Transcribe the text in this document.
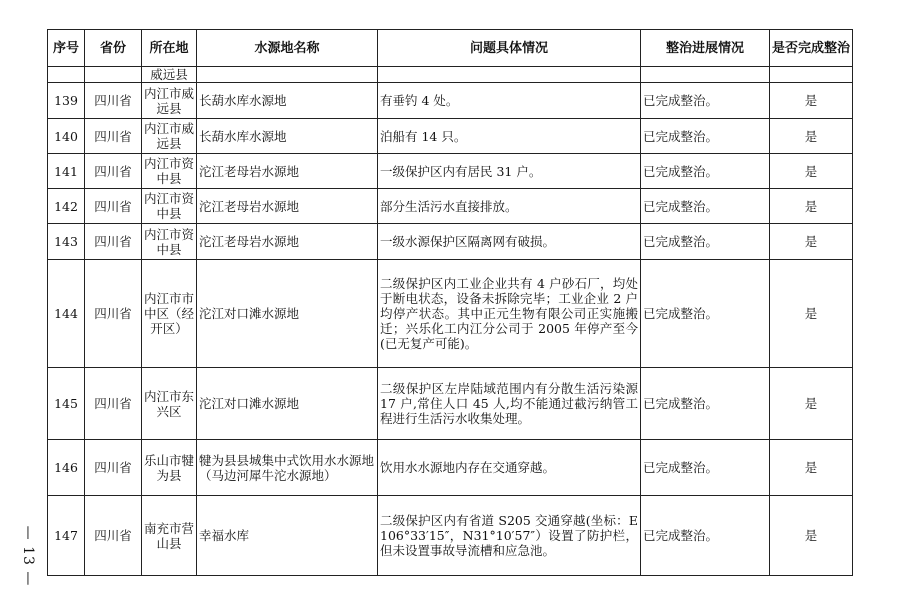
序号	省份	所在地	水源地名称	问题具体情况	整治进展情况	是否完成整治
		威远县				
139	四川省	内江市威远县	长葫水库水源地	有垂钓 4 处。	已完成整治。	是
140	四川省	内江市威远县	长葫水库水源地	泊船有 14 只。	已完成整治。	是
141	四川省	内江市资中县	沱江老母岩水源地	一级保护区内有居民 31 户。	已完成整治。	是
142	四川省	内江市资中县	沱江老母岩水源地	部分生活污水直接排放。	已完成整治。	是
143	四川省	内江市资中县	沱江老母岩水源地	一级水源保护区隔离网有破损。	已完成整治。	是
144	四川省	内江市市中区（经开区）	沱江对口滩水源地	二级保护区内工业企业共有 4 户砂石厂，均处于断电状态，设备未拆除完毕；工业企业 2 户均停产状态。其中正元生物有限公司正实施搬迁；兴乐化工内江分公司于 2005 年停产至今(已无复产可能)。	已完成整治。	是
145	四川省	内江市东兴区	沱江对口滩水源地	二级保护区左岸陆域范围内有分散生活污染源 17 户,常住人口 45 人,均不能通过截污纳管工程进行生活污水收集处理。	已完成整治。	是
146	四川省	乐山市犍为县	犍为县县城集中式饮用水水源地（马边河犀牛沱水源地）	饮用水水源地内存在交通穿越。	已完成整治。	是
147	四川省	南充市营山县	幸福水库	二级保护区内有省道 S205 交通穿越(坐标：E106°33′15″，N31°10′57″）设置了防护栏，但未设置事故导流槽和应急池。	已完成整治。	是
— 13 —
